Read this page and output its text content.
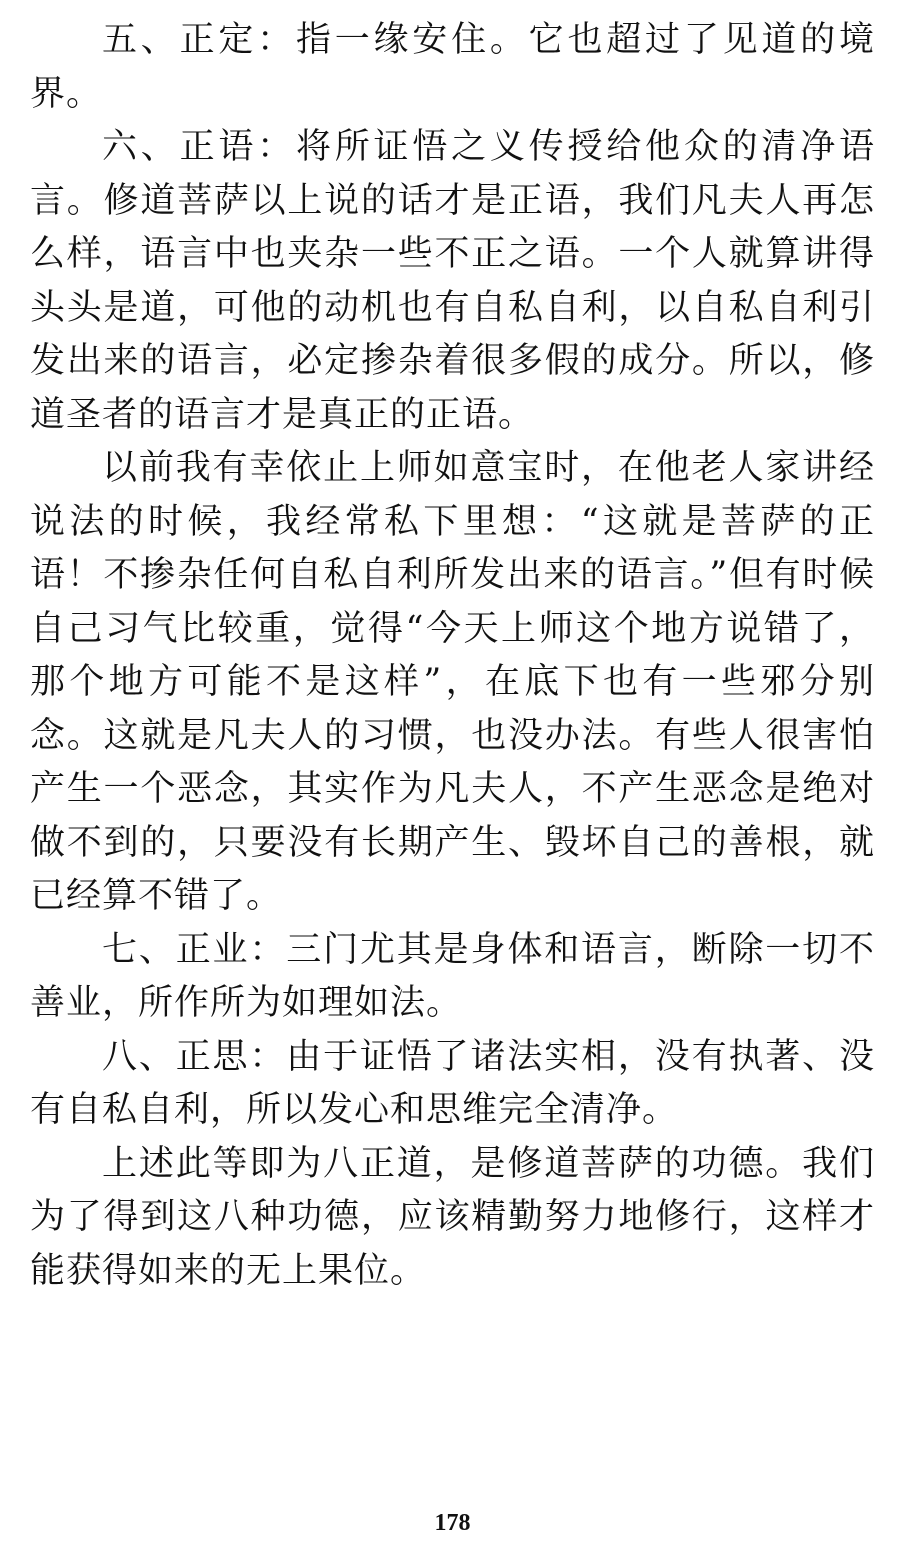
五、正定：指一缘安住。它也超过了见道的境界。

六、正语：将所证悟之义传授给他众的清净语言。修道菩萨以上说的话才是正语，我们凡夫人再怎么样，语言中也夹杂一些不正之语。一个人就算讲得头头是道，可他的动机也有自私自利，以自私自利引发出来的语言，必定掺杂着很多假的成分。所以，修道圣者的语言才是真正的正语。

以前我有幸依止上师如意宝时，在他老人家讲经说法的时候，我经常私下里想：“这就是菩萨的正语！不掺杂任何自私自利所发出来的语言。”但有时候自己习气比较重，觉得“今天上师这个地方说错了，那个地方可能不是这样”，在底下也有一些邪分别念。这就是凡夫人的习惯，也没办法。有些人很害怕产生一个恶念，其实作为凡夫人，不产生恶念是绝对做不到的，只要没有长期产生、毁坏自己的善根，就已经算不错了。

七、正业：三门尤其是身体和语言，断除一切不善业，所作所为如理如法。

八、正思：由于证悟了诸法实相，没有执著、没有自私自利，所以发心和思维完全清净。

上述此等即为八正道，是修道菩萨的功德。我们为了得到这八种功德，应该精勤努力地修行，这样才能获得如来的无上果位。

178
